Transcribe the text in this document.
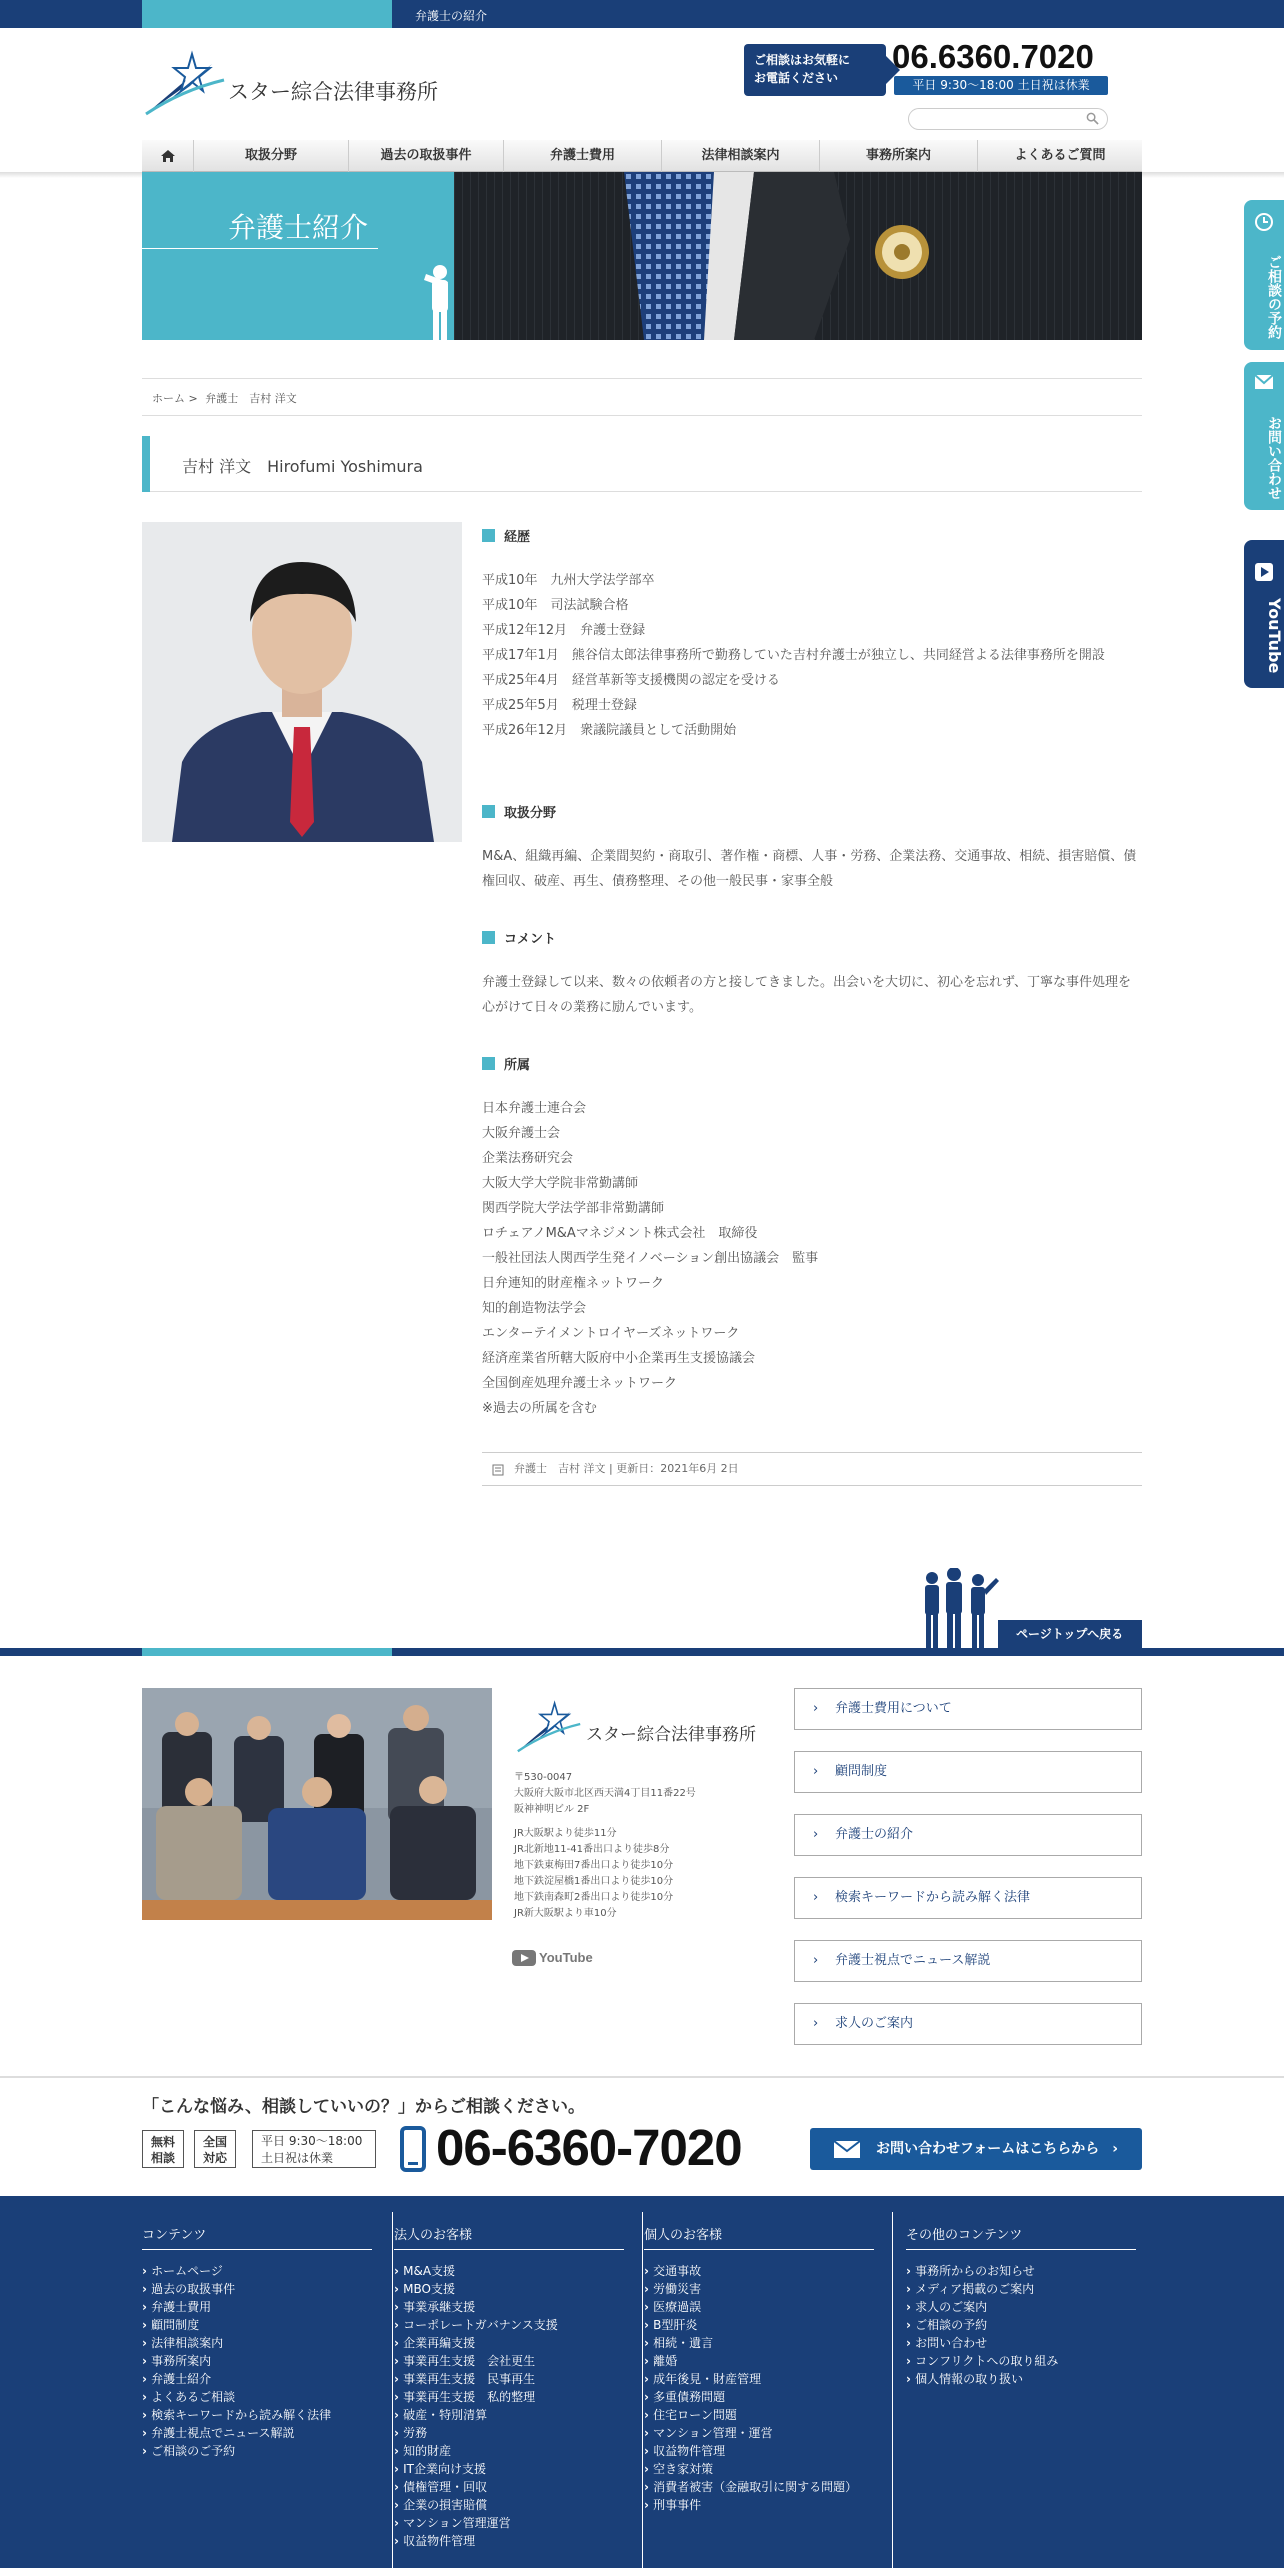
弁護士の紹介
スター綜合法律事務所
ご相談はお気軽に
お電話ください
06.6360.7020
平日 9:30〜18:00 土日祝は休業
取扱分野	過去の取扱事件	弁護士費用	法律相談案内	事務所案内	よくあるご質問
弁護士紹介
ご相談の予約
お問い合わせ
YouTube
ホーム > 弁護士　吉村 洋文
吉村 洋文　Hirofumi Yoshimura
経歴
平成10年　九州大学法学部卒
平成10年　司法試験合格
平成12年12月　弁護士登録
平成17年1月　熊谷信太郎法律事務所で勤務していた吉村弁護士が独立し、共同経営よる法律事務所を開設
平成25年4月　経営革新等支援機関の認定を受ける
平成25年5月　税理士登録
平成26年12月　衆議院議員として活動開始
取扱分野
M&A、組織再編、企業間契約・商取引、著作権・商標、人事・労務、企業法務、交通事故、相続、損害賠償、債権回収、破産、再生、債務整理、その他一般民事・家事全般
コメント
弁護士登録して以来、数々の依頼者の方と接してきました。出会いを大切に、初心を忘れず、丁寧な事件処理を心がけて日々の業務に励んでいます。
所属
日本弁護士連合会
大阪弁護士会
企業法務研究会
大阪大学大学院非常勤講師
関西学院大学法学部非常勤講師
ロチェアノM&Aマネジメント株式会社　取締役
一般社団法人関西学生発イノベーション創出協議会　監事
日弁連知的財産権ネットワーク
知的創造物法学会
エンターテイメントロイヤーズネットワーク
経済産業省所轄大阪府中小企業再生支援協議会
全国倒産処理弁護士ネットワーク
※過去の所属を含む
弁護士　吉村 洋文 | 更新日：2021年6月 2日
ページトップへ戻る
スター綜合法律事務所
〒530-0047
大阪府大阪市北区西天満4丁目11番22号
阪神神明ビル 2F
JR大阪駅より徒歩11分
JR北新地11-41番出口より徒歩8分
地下鉄東梅田7番出口より徒歩10分
地下鉄淀屋橋1番出口より徒歩10分
地下鉄南森町2番出口より徒歩10分
JR新大阪駅より車10分
YouTube
› 弁護士費用について
› 顧問制度
› 弁護士の紹介
› 検索キーワードから読み解く法律
› 弁護士視点でニュース解説
› 求人のご案内
「こんな悩み、相談していいの？」からご相談ください。
無料
相談
全国
対応
平日 9:30〜18:00
土日祝は休業	06-6360-7020	お問い合わせフォームはこちらから ›
コンテンツ
› ホームページ
› 過去の取扱事件
› 弁護士費用
› 顧問制度
› 法律相談案内
› 事務所案内
› 弁護士紹介
› よくあるご相談
› 検索キーワードから読み解く法律
› 弁護士視点でニュース解説
› ご相談のご予約
法人のお客様
› M&A支援
› MBO支援
› 事業承継支援
› コーポレートガバナンス支援
› 企業再編支援
› 事業再生支援　会社更生
› 事業再生支援　民事再生
› 事業再生支援　私的整理
› 破産・特別清算
› 労務
› 知的財産
› IT企業向け支援
› 債権管理・回収
› 企業の損害賠償
› マンション管理運営
› 収益物件管理
個人のお客様
› 交通事故
› 労働災害
› 医療過誤
› B型肝炎
› 相続・遺言
› 離婚
› 成年後見・財産管理
› 多重債務問題
› 住宅ローン問題
› マンション管理・運営
› 収益物件管理
› 空き家対策
› 消費者被害（金融取引に関する問題）
› 刑事事件
その他のコンテンツ
› 事務所からのお知らせ
› メディア掲載のご案内
› 求人のご案内
› ご相談の予約
› お問い合わせ
› コンフリクトへの取り組み
› 個人情報の取り扱い
